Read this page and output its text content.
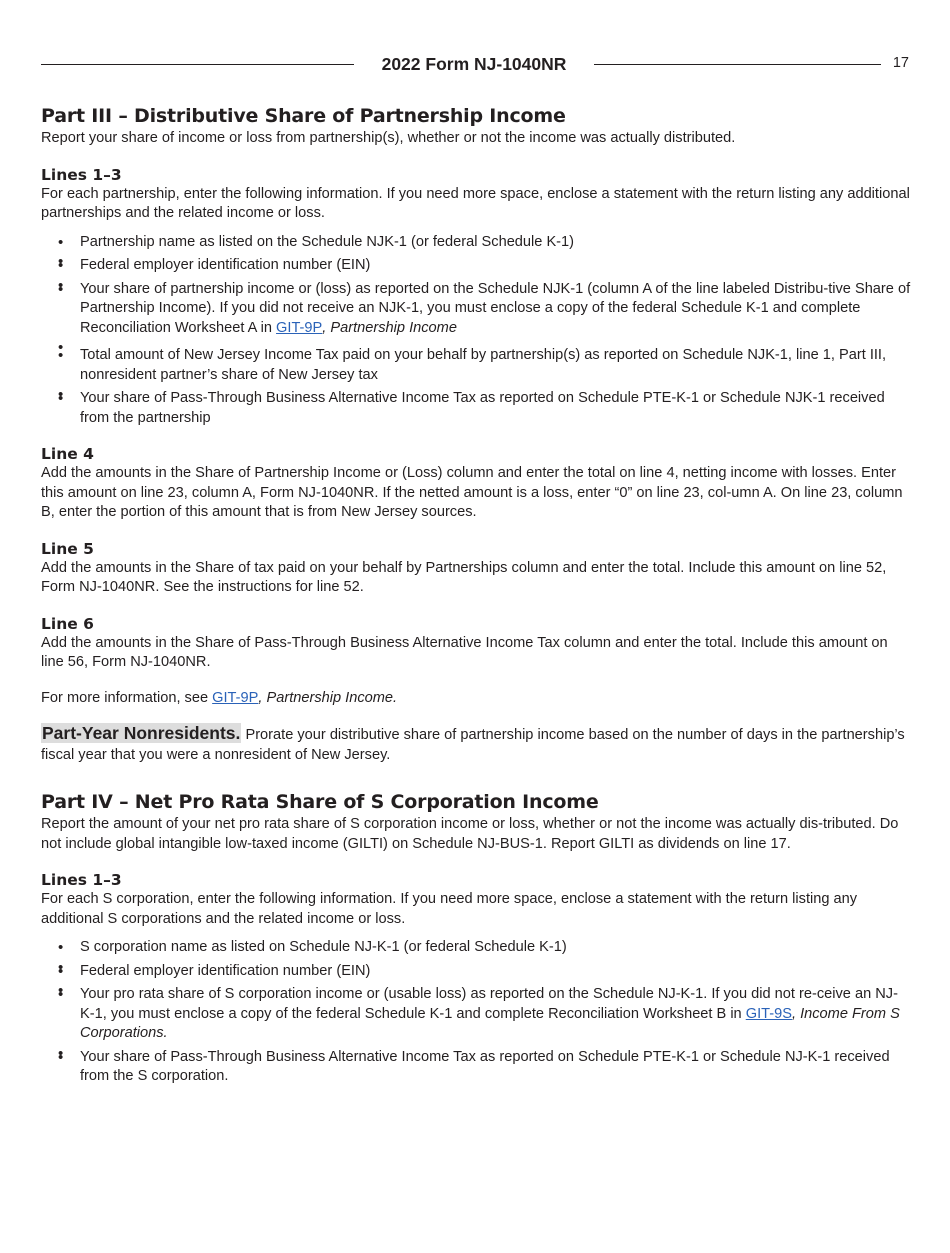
2022 Form NJ-1040NR	17
Part III – Distributive Share of Partnership Income

Report your share of income or loss from partnership(s), whether or not the income was actually distributed.

Lines 1–3

For each partnership, enter the following information. If you need more space, enclose a statement with the return listing any additional partnerships and the related income or loss.

• Partnership name as listed on the Schedule NJK-1 (or federal Schedule K-1)
•
• Federal employer identification number (EIN)
•
• Your share of partnership income or (loss) as reported on the Schedule NJK-1 (column A of the line labeled Distribu-tive Share of Partnership Income). If you did not receive an NJK-1, you must enclose a copy of the federal Schedule K-1 and complete Reconciliation Worksheet A in GIT-9P, Partnership Income
•
• Total amount of New Jersey Income Tax paid on your behalf by partnership(s) as reported on Schedule NJK-1, line 1, Part III, nonresident partner’s share of New Jersey tax
•
• Your share of Pass-Through Business Alternative Income Tax as reported on Schedule PTE-K-1 or Schedule NJK-1 received from the partnership
Line 4

Add the amounts in the Share of Partnership Income or (Loss) column and enter the total on line 4, netting income with losses. Enter this amount on line 23, column A, Form NJ-1040NR. If the netted amount is a loss, enter “0” on line 23, col-umn A. On line 23, column B, enter the portion of this amount that is from New Jersey sources.

Line 5

Add the amounts in the Share of tax paid on your behalf by Partnerships column and enter the total. Include this amount on line 52, Form NJ-1040NR. See the instructions for line 52.

Line 6

Add the amounts in the Share of Pass-Through Business Alternative Income Tax column and enter the total. Include this amount on line 56, Form NJ-1040NR.

For more information, see GIT-9P, Partnership Income.

Part-Year Nonresidents. Prorate your distributive share of partnership income based on the number of days in the partnership’s fiscal year that you were a nonresident of New Jersey.

Part IV – Net Pro Rata Share of S Corporation Income

Report the amount of your net pro rata share of S corporation income or loss, whether or not the income was actually dis-tributed. Do not include global intangible low-taxed income (GILTI) on Schedule NJ-BUS-1. Report GILTI as dividends on line 17.

Lines 1–3

For each S corporation, enter the following information. If you need more space, enclose a statement with the return listing any additional S corporations and the related income or loss.

• S corporation name as listed on Schedule NJ-K-1 (or federal Schedule K-1)
•
• Federal employer identification number (EIN)
•
• Your pro rata share of S corporation income or (usable loss) as reported on the Schedule NJ-K-1. If you did not re-ceive an NJ-K-1, you must enclose a copy of the federal Schedule K-1 and complete Reconciliation Worksheet B in GIT-9S, Income From S Corporations.
•
• Your share of Pass-Through Business Alternative Income Tax as reported on Schedule PTE-K-1 or Schedule NJ-K-1 received from the S corporation.
